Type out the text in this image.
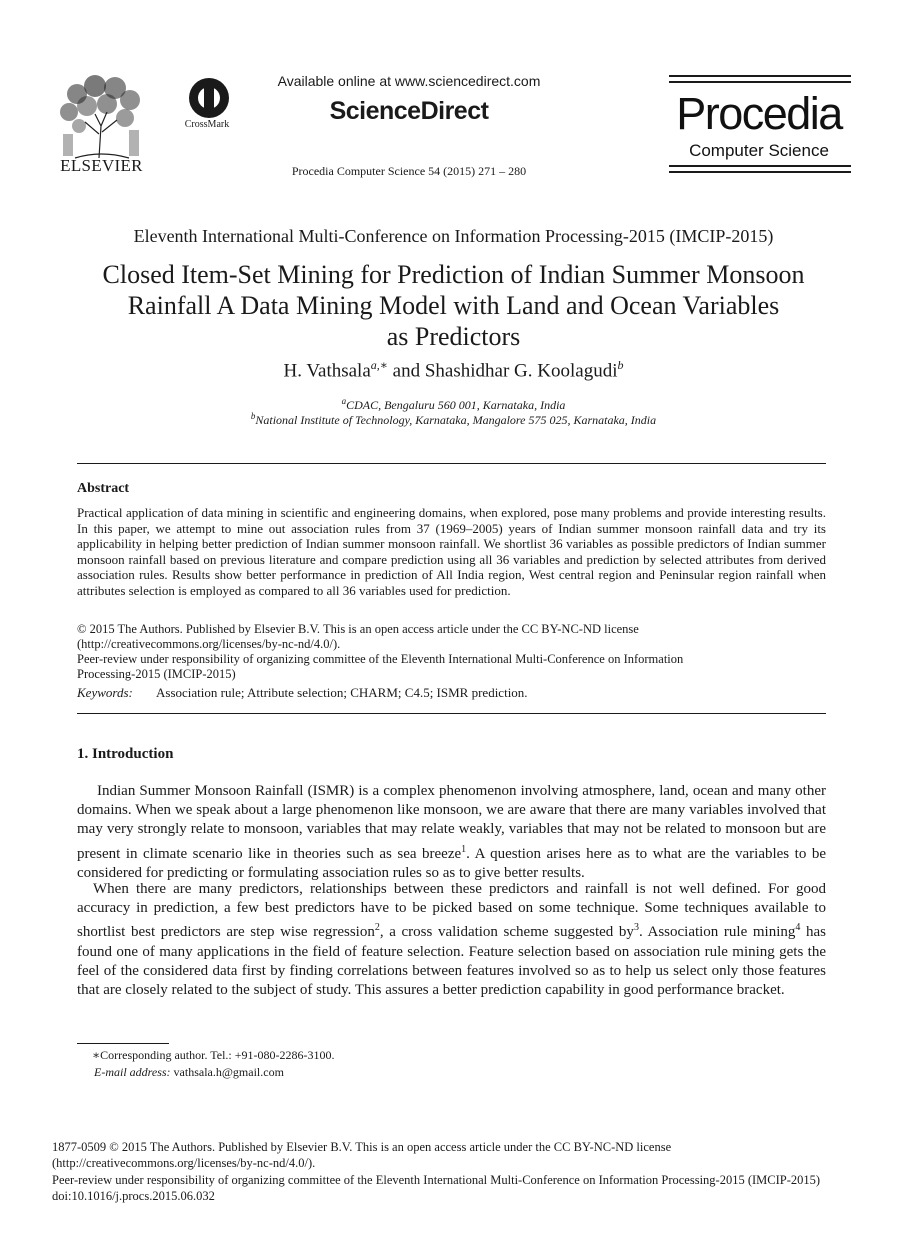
ELSEVIER
CrossMark
Available online at www.sciencedirect.com
ScienceDirect
Procedia Computer Science 54 (2015) 271 – 280
Procedia
Computer Science
Eleventh International Multi-Conference on Information Processing-2015 (IMCIP-2015)
Closed Item-Set Mining for Prediction of Indian Summer Monsoon
Rainfall A Data Mining Model with Land and Ocean Variables
as Predictors
H. Vathsala$^{a,∗}$ and Shashidhar G. Koolagudi$^b$
$^a$CDAC, Bengaluru 560 001, Karnataka, India
$^b$National Institute of Technology, Karnataka, Mangalore 575 025, Karnataka, India
Abstract
Practical application of data mining in scientific and engineering domains, when explored, pose many problems and provide interesting results. In this paper, we attempt to mine out association rules from 37 (1969–2005) years of Indian summer monsoon rainfall data and try its applicability in helping better prediction of Indian summer monsoon rainfall. We shortlist 36 variables as possible predictors of Indian summer monsoon rainfall based on previous literature and compare prediction using all 36 variables and prediction by selected attributes from derived association rules. Results show better performance in prediction of All India region, West central region and Peninsular region rainfall when attributes selection is employed as compared to all 36 variables used for prediction.
© 2015 The Authors. Published by Elsevier B.V. This is an open access article under the CC BY-NC-ND license
(http://creativecommons.org/licenses/by-nc-nd/4.0/).
Peer-review under responsibility of organizing committee of the Eleventh International Multi-Conference on Information
Processing-2015 (IMCIP-2015)
Keywords: Association rule; Attribute selection; CHARM; C4.5; ISMR prediction.
1. Introduction
Indian Summer Monsoon Rainfall (ISMR) is a complex phenomenon involving atmosphere, land, ocean and many other domains. When we speak about a large phenomenon like monsoon, we are aware that there are many variables involved that may very strongly relate to monsoon, variables that may relate weakly, variables that may not be related to monsoon but are present in climate scenario like in theories such as sea breeze$^1$. A question arises here as to what are the variables to be considered for predicting or formulating association rules so as to give better results.
When there are many predictors, relationships between these predictors and rainfall is not well defined. For good accuracy in prediction, a few best predictors have to be picked based on some technique. Some techniques available to shortlist best predictors are step wise regression$^2$, a cross validation scheme suggested $by^3$. Association rule mining$^4$ has found one of many applications in the field of feature selection. Feature selection based on association rule mining gets the feel of the considered data first by finding correlations between features involved so as to help us select only those features that are closely related to the subject of study. This assures a better prediction capability in good performance bracket.
∗Corresponding author. Tel.: +91-080-2286-3100.
E-mail address: vathsala.h@gmail.com
1877-0509 © 2015 The Authors. Published by Elsevier B.V. This is an open access article under the CC BY-NC-ND license
(http://creativecommons.org/licenses/by-nc-nd/4.0/).
Peer-review under responsibility of organizing committee of the Eleventh International Multi-Conference on Information Processing-2015 (IMCIP-2015)
doi:10.1016/j.procs.2015.06.032
